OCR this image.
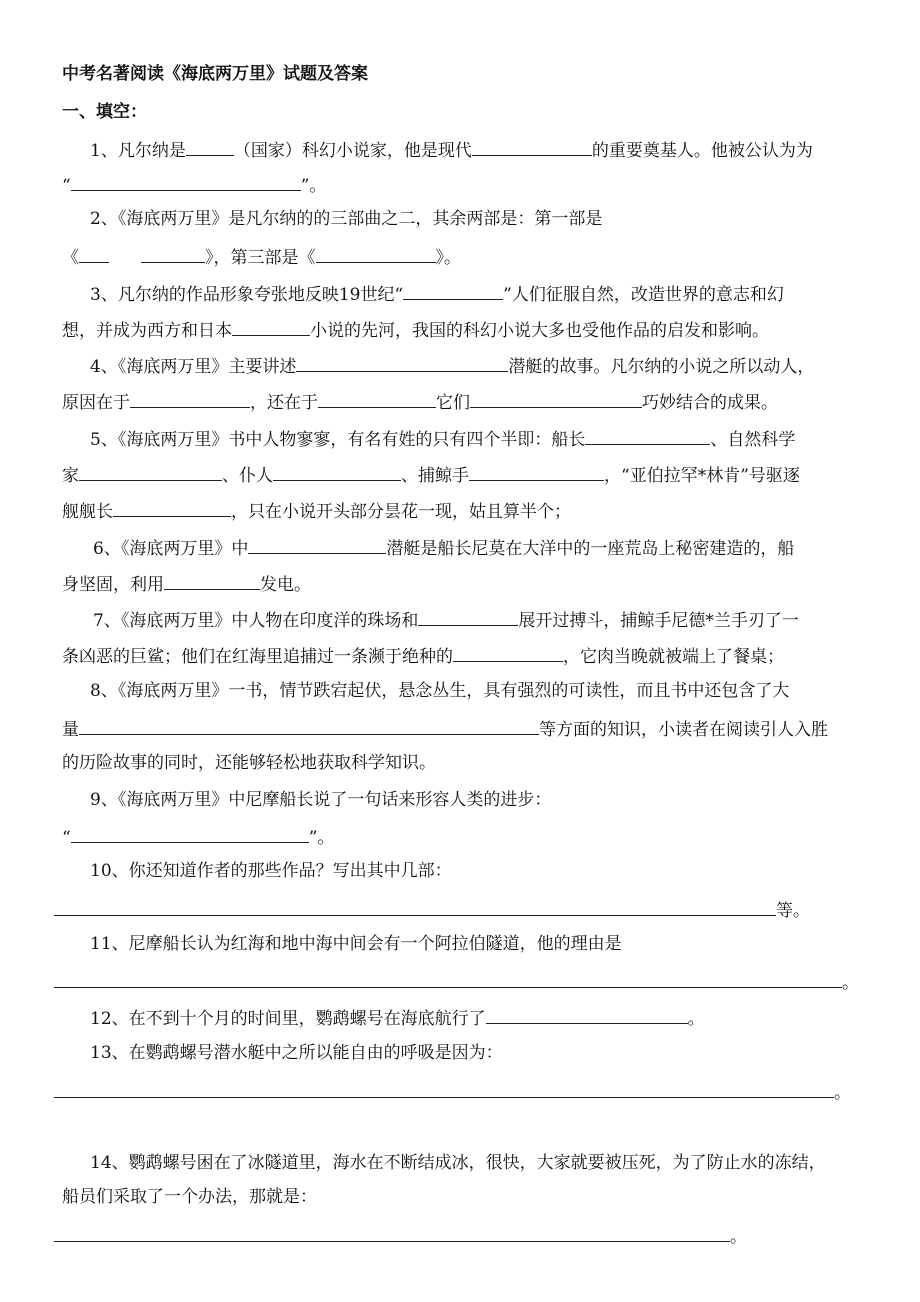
中考名著阅读《海底两万里》试题及答案
一、填空：
1、凡尔纳是	（国家）科幻小说家，他是现代	的重要奠基人。他被公认为为
“	”。
2、《海底两万里》是凡尔纳的的三部曲之二，其余两部是：第一部是
《	》，第三部是《	》。
3、凡尔纳的作品形象夸张地反映19世纪“	”人们征服自然，改造世界的意志和幻
想，并成为西方和日本	小说的先河，我国的科幻小说大多也受他作品的启发和影响。
4、《海底两万里》主要讲述	潜艇的故事。凡尔纳的小说之所以动人，
原因在于	，还在于	它们	巧妙结合的成果。
5、《海底两万里》书中人物寥寥，有名有姓的只有四个半即：船长	、自然科学
家	、仆人	、捕鲸手	，“亚伯拉罕*林肯”号驱逐
舰舰长	，只在小说开头部分昙花一现，姑且算半个；
6、《海底两万里》中	潜艇是船长尼莫在大洋中的一座荒岛上秘密建造的，船
身坚固，利用	发电。
7、《海底两万里》中人物在印度洋的珠场和	展开过搏斗，捕鲸手尼德*兰手刃了一
条凶恶的巨鲨；他们在红海里追捕过一条濒于绝种的	，它肉当晚就被端上了餐桌；
8、《海底两万里》一书，情节跌宕起伏，悬念丛生，具有强烈的可读性，而且书中还包含了大
量	等方面的知识，小读者在阅读引人入胜
的历险故事的同时，还能够轻松地获取科学知识。
9、《海底两万里》中尼摩船长说了一句话来形容人类的进步：
“	”。
10、你还知道作者的那些作品？写出其中几部：
等。
11、尼摩船长认为红海和地中海中间会有一个阿拉伯隧道，他的理由是
。
12、在不到十个月的时间里，鹦鹉螺号在海底航行了	。
13、在鹦鹉螺号潜水艇中之所以能自由的呼吸是因为：
。
14、鹦鹉螺号困在了冰隧道里，海水在不断结成冰，很快，大家就要被压死，为了防止水的冻结，
船员们采取了一个办法，那就是：
。
